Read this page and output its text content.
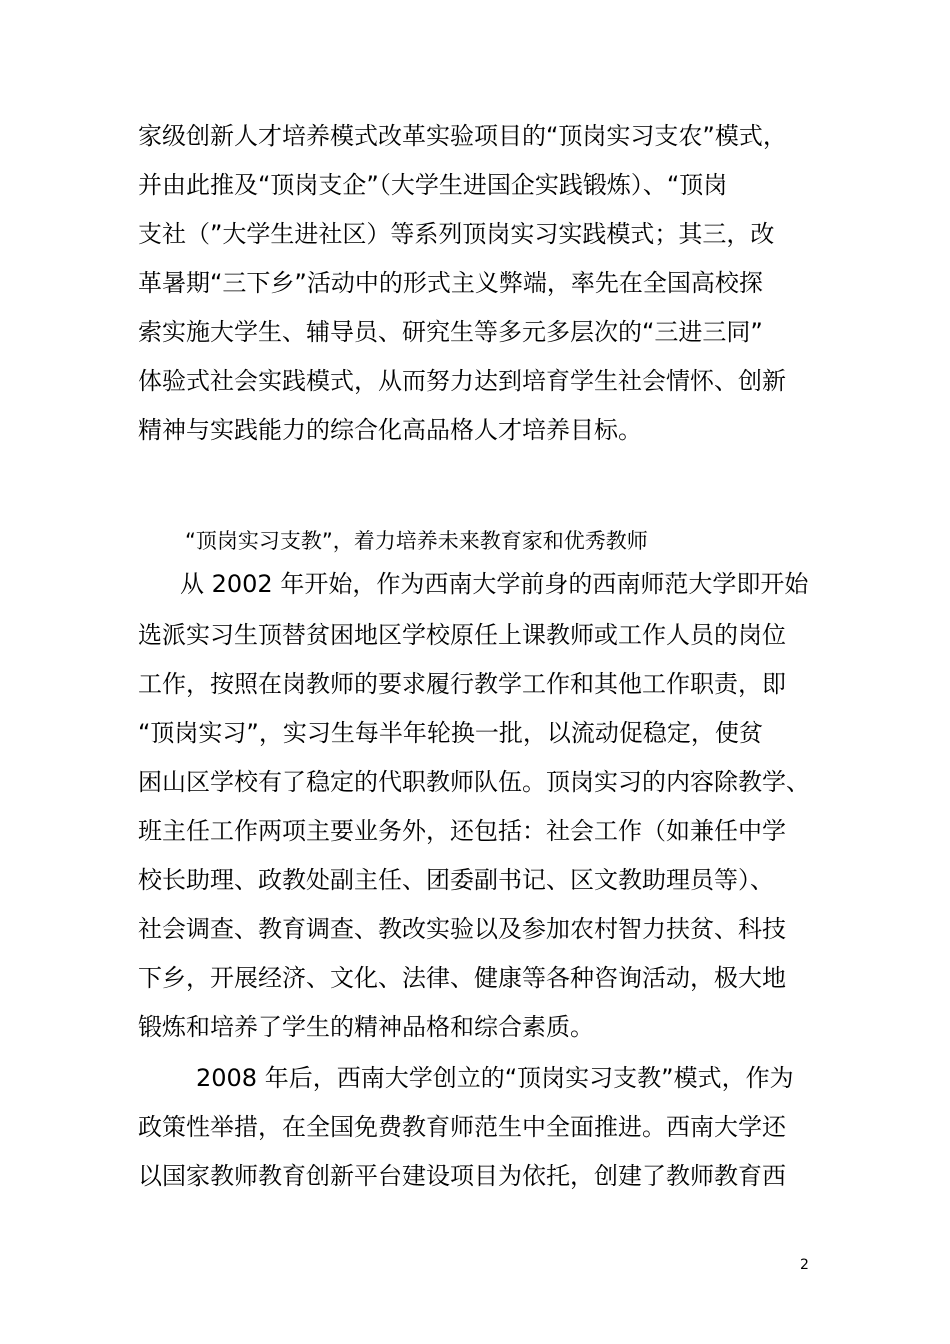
家级创新人才培养模式改革实验项目的“顶岗实习支农”模式，
并由此推及“顶岗支企”（大学生进国企实践锻炼）、“顶岗
支社（”大学生进社区）等系列顶岗实习实践模式；其三，改
革暑期“三下乡”活动中的形式主义弊端，率先在全国高校探
索实施大学生、辅导员、研究生等多元多层次的“三进三同”
体验式社会实践模式，从而努力达到培育学生社会情怀、创新
精神与实践能力的综合化高品格人才培养目标。
“顶岗实习支教”，着力培养未来教育家和优秀教师
从 2002 年开始，作为西南大学前身的西南师范大学即开始
选派实习生顶替贫困地区学校原任上课教师或工作人员的岗位
工作，按照在岗教师的要求履行教学工作和其他工作职责，即
“顶岗实习”，实习生每半年轮换一批，以流动促稳定，使贫
困山区学校有了稳定的代职教师队伍。顶岗实习的内容除教学、
班主任工作两项主要业务外，还包括：社会工作（如兼任中学
校长助理、政教处副主任、团委副书记、区文教助理员等）、
社会调查、教育调查、教改实验以及参加农村智力扶贫、科技
下乡，开展经济、文化、法律、健康等各种咨询活动，极大地
锻炼和培养了学生的精神品格和综合素质。
2008 年后，西南大学创立的“顶岗实习支教”模式，作为
政策性举措，在全国免费教育师范生中全面推进。西南大学还
以国家教师教育创新平台建设项目为依托，创建了教师教育西
2
